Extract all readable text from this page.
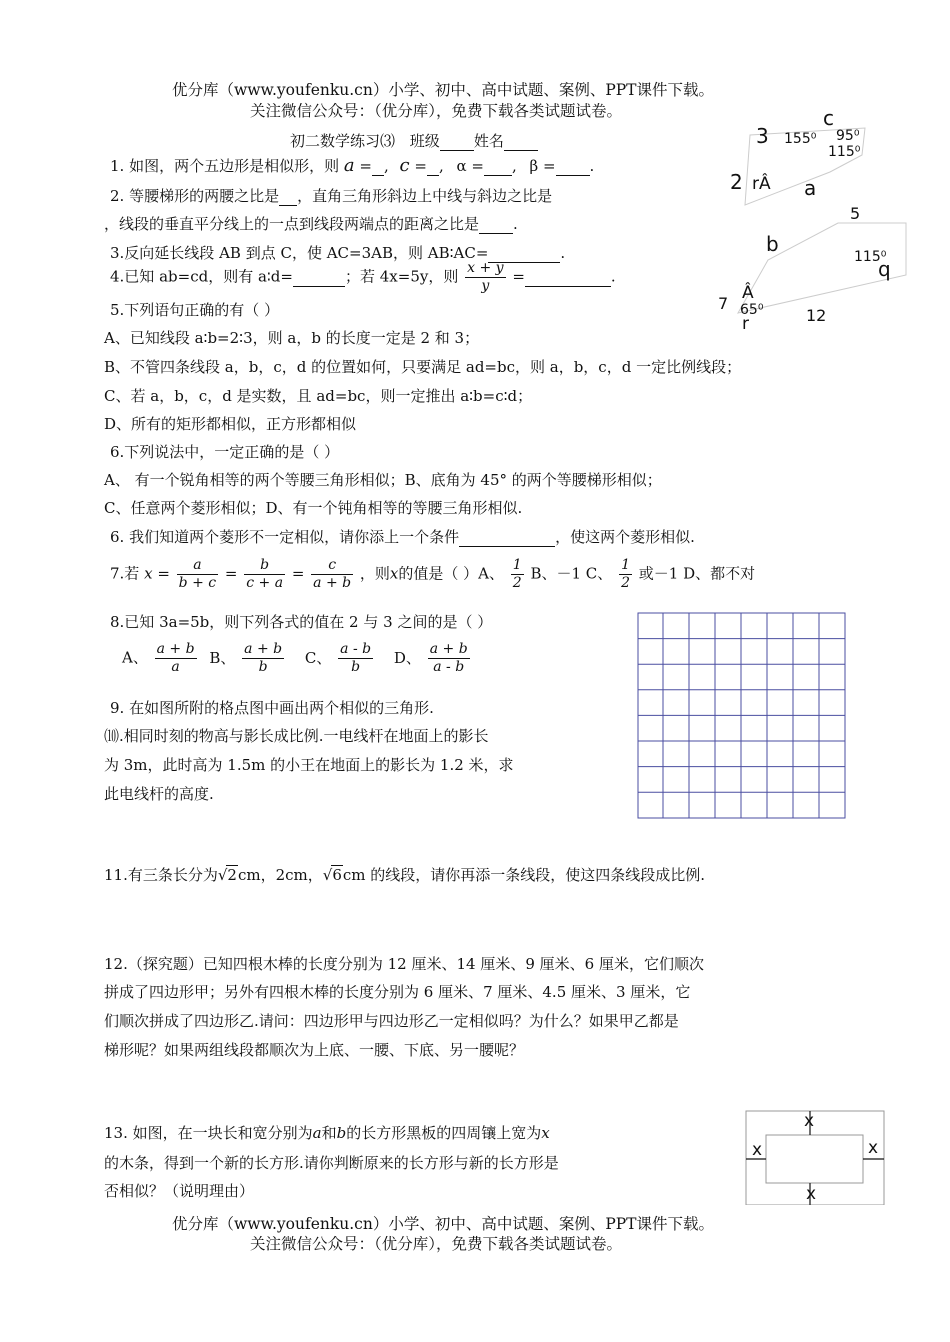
优分库（www.youfenku.cn）小学、初中、高中试题、案例、PPT课件下载。
关注微信公众号：（优分库），免费下载各类试题试卷。
初二数学练习⑶ 班级 姓名
1. 如图，两个五边形是相似形，则 a = , c = , α = , β = .
2. 等腰梯形的两腰之比是 ，直角三角形斜边上中线与斜边之比是
，线段的垂直平分线上的一点到线段两端点的距离之比是 .
3.反向延长线段 AB 到点 C，使 AC=3AB，则 AB∶AC=	.
4.已知 ab=cd，则有 a∶d=	；若 4x=5y，则 $\frac{x + y}{y}$ =	.
5.下列语句正确的有（ ）
A、已知线段 a∶b=2∶3，则 a，b 的长度一定是 2 和 3；
B、不管四条线段 a，b，c，d 的位置如何，只要满足 ad=bc，则 a，b，c，d 一定比例线段；
C、若 a，b，c，d 是实数，且 ad=bc，则一定推出 a∶b=c∶d；
D、所有的矩形都相似，正方形都相似
6.下列说法中，一定正确的是（ ）
A、 有一个锐角相等的两个等腰三角形相似；B、底角为 45° 的两个等腰梯形相似；
C、任意两个菱形相似；D、有一个钝角相等的等腰三角形相似.
6. 我们知道两个菱形不一定相似，请你添上一个条件	，使这两个菱形相似.
7.若 $x = \frac{a}{b + c} = \frac{b}{c + a} = \frac{c}{a + b}$ ，则x的值是（ ）A、 $\frac{1}{2}$ B、－1 C、 $\frac{1}{2}$ 或－1 D、都不对
8.已知 3a=5b，则下列各式的值在 2 与 3 之间的是（ ）
A、 $\frac{a + b}{a}$ B、 $\frac{a + b}{b}$ C、 $\frac{a - b}{b}$ D、 $\frac{a + b}{a - b}$
9. 在如图所附的格点图中画出两个相似的三角形.
⑽.相同时刻的物高与影长成比例.一电线杆在地面上的影长
为 3m，此时高为 1.5m 的小王在地面上的影长为 1.2 米，求
此电线杆的高度.
11.有三条长分为√2cm，2cm，√6cm 的线段，请你再添一条线段，使这四条线段成比例.
12.（探究题）已知四根木棒的长度分别为 12 厘米、14 厘米、9 厘米、6 厘米，它们顺次
拼成了四边形甲；另外有四根木棒的长度分别为 6 厘米、7 厘米、4.5 厘米、3 厘米，它
们顺次拼成了四边形乙.请问：四边形甲与四边形乙一定相似吗？为什么？如果甲乙都是
梯形呢？如果两组线段都顺次为上底、一腰、下底、另一腰呢？
13. 如图，在一块长和宽分别为a和b的长方形黑板的四周镶上宽为x
的木条，得到一个新的长方形.请你判断原来的长方形与新的长方形是
否相似？（说明理由）
3
c
155⁰ 95⁰
115⁰
2 rÂ a
5
b
115⁰
q
7
Â
65⁰
r	12
x
x	x
x
优分库（www.youfenku.cn）小学、初中、高中试题、案例、PPT课件下载。
关注微信公众号：（优分库），免费下载各类试题试卷。
